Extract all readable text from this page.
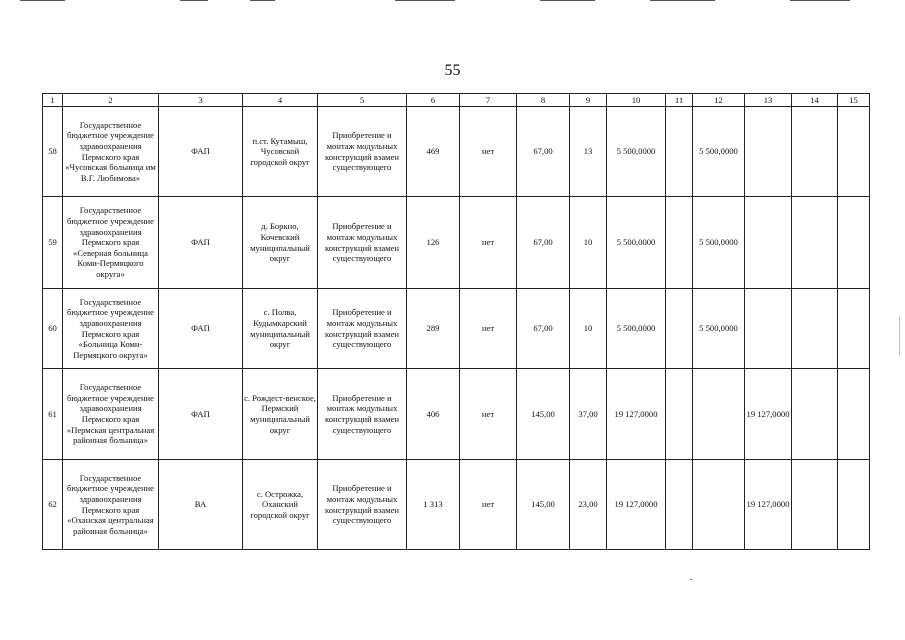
55
1	2	3	4	5	6	7	8	9	10	11	12	13	14	15
58	Государственное бюджетное учреждение здравоохранения Пермского края «Чусовская больница им В.Г. Любимова»	ФАП	п.ст. Кутамыш, Чусовской городской округ	Приобретение и монтаж модульных конструкций взамен существующего	469	нет	67,00	13	5 500,0000		5 500,0000			
59	Государственное бюджетное учреждение здравоохранения Пермского края «Северная больница Коми-Пермяцкого округа»	ФАП	д. Боркно, Кочевский муниципальный округ	Приобретение и монтаж модульных конструкций взамен существующего	126	нет	67,00	10	5 500,0000		5 500,0000			
60	Государственное бюджетное учреждение здравоохранения Пермского края «Больница Коми-Пермяцкого округа»	ФАП	с. Полва, Кудымкарский муниципальный округ	Приобретение и монтаж модульных конструкций взамен существующего	289	нет	67,00	10	5 500,0000		5 500,0000			
61	Государственное бюджетное учреждение здравоохранения Пермского края «Пермская центральная районная больница»	ФАП	с. Рождест-венское, Пермский муниципальный округ	Приобретение и монтаж модульных конструкций взамен существующего	406	нет	145,00	37,00	19 127,0000			19 127,0000		
62	Государственное бюджетное учреждение здравоохранения Пермского края «Оханская центральная районная больница»	ВА	с. Острожка, Оханский городской округ	Приобретение и монтаж модульных конструкций взамен существующего	1 313	нет	145,00	23,00	19 127,0000			19 127,0000		
